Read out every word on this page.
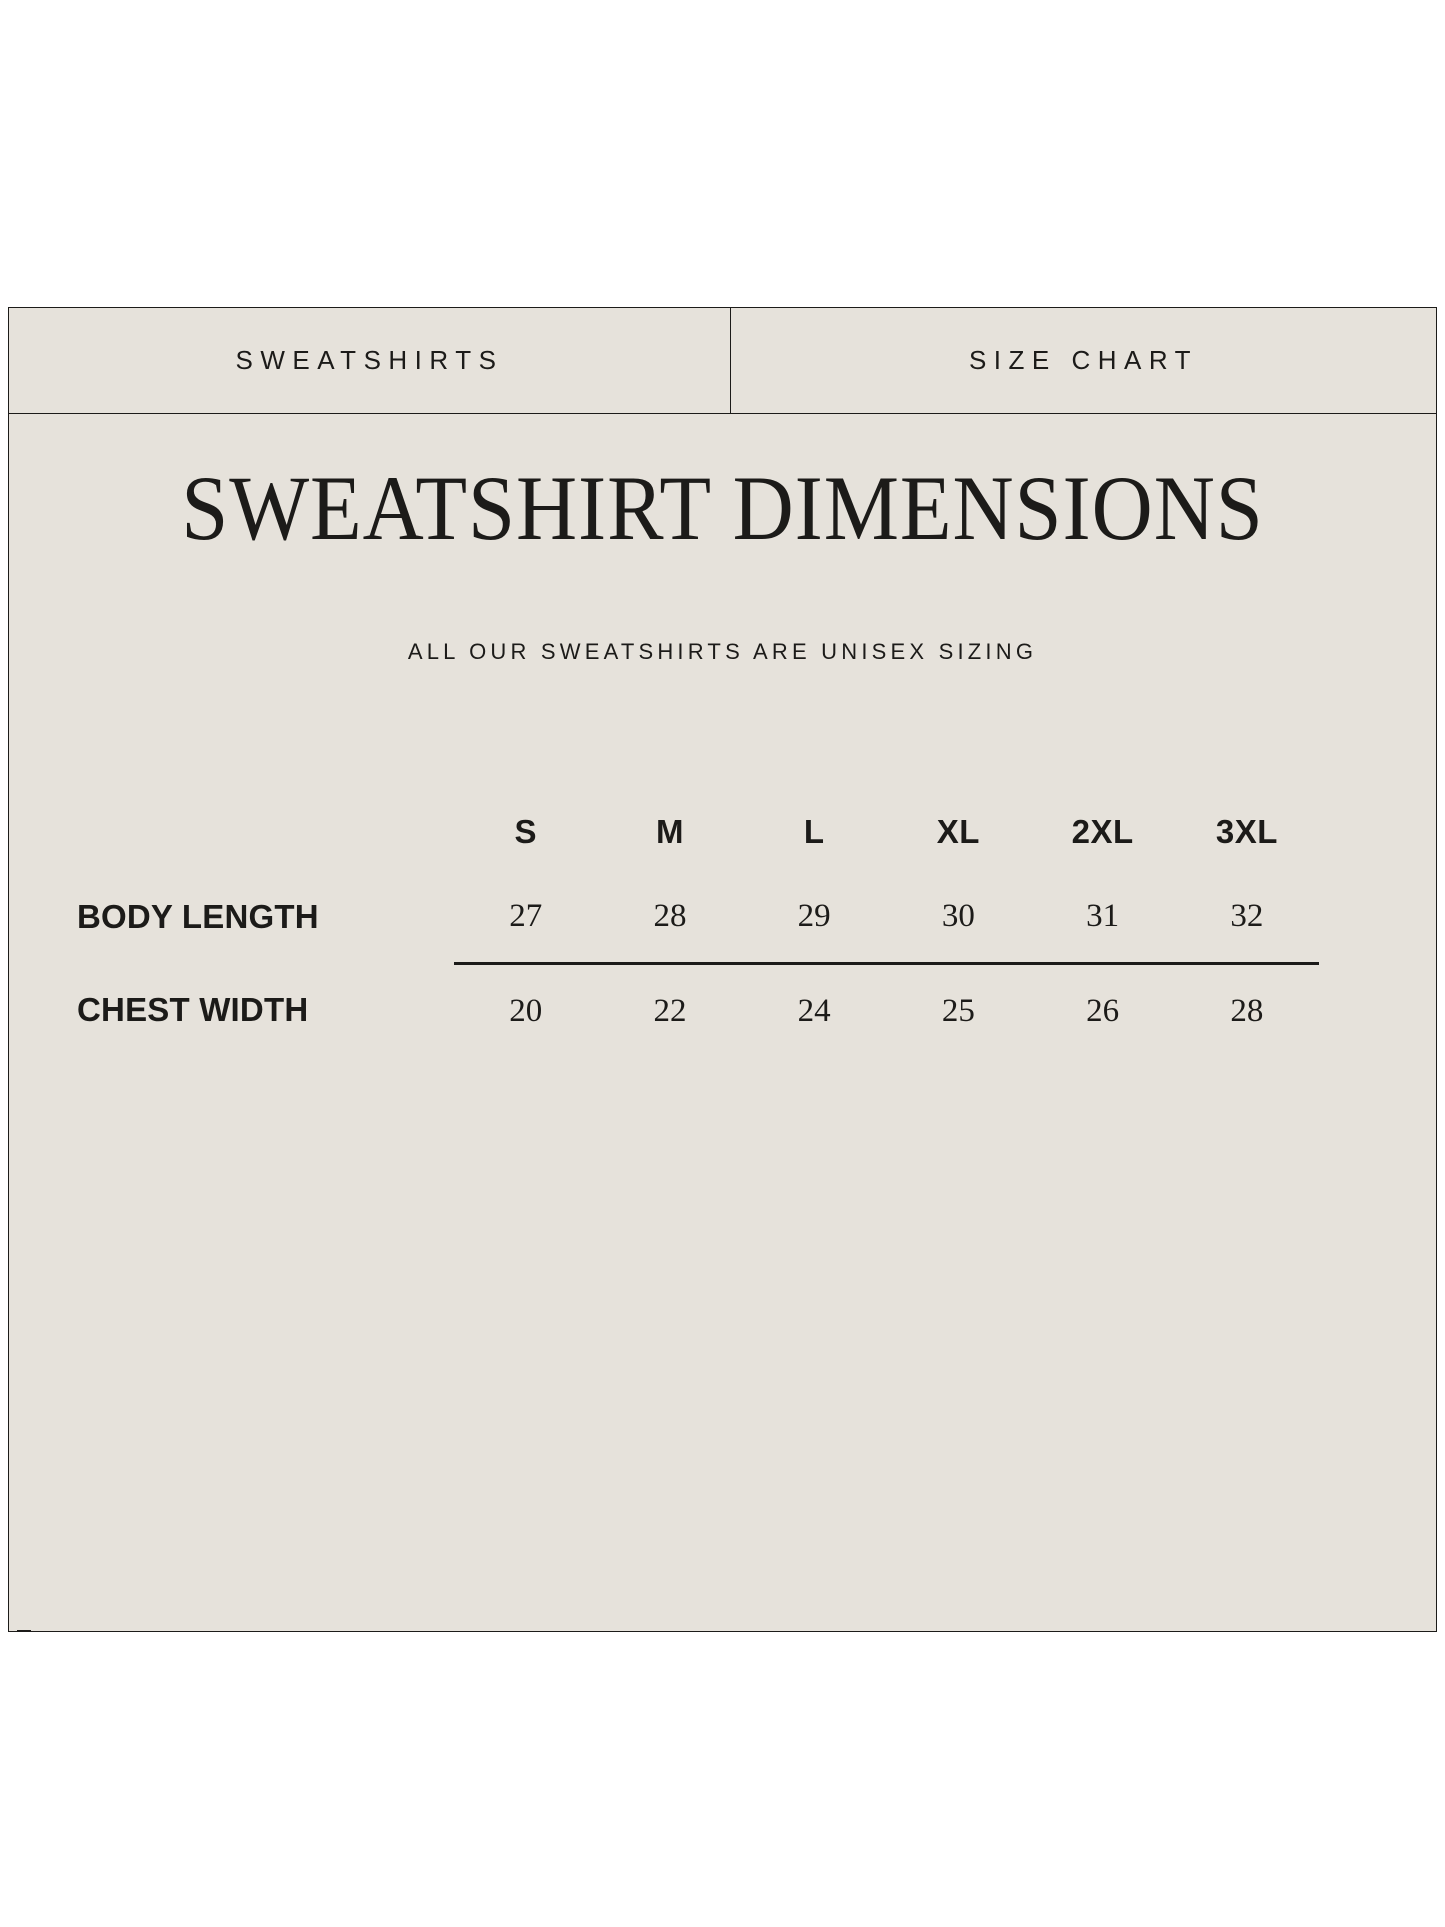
SWEATSHIRTS	SIZE CHART
SWEATSHIRT DIMENSIONS
ALL OUR SWEATSHIRTS ARE UNISEX SIZING
	S	M	L	XL	2XL	3XL
BODY LENGTH	27	28	29	30	31	32
CHEST WIDTH	20	22	24	25	26	28
